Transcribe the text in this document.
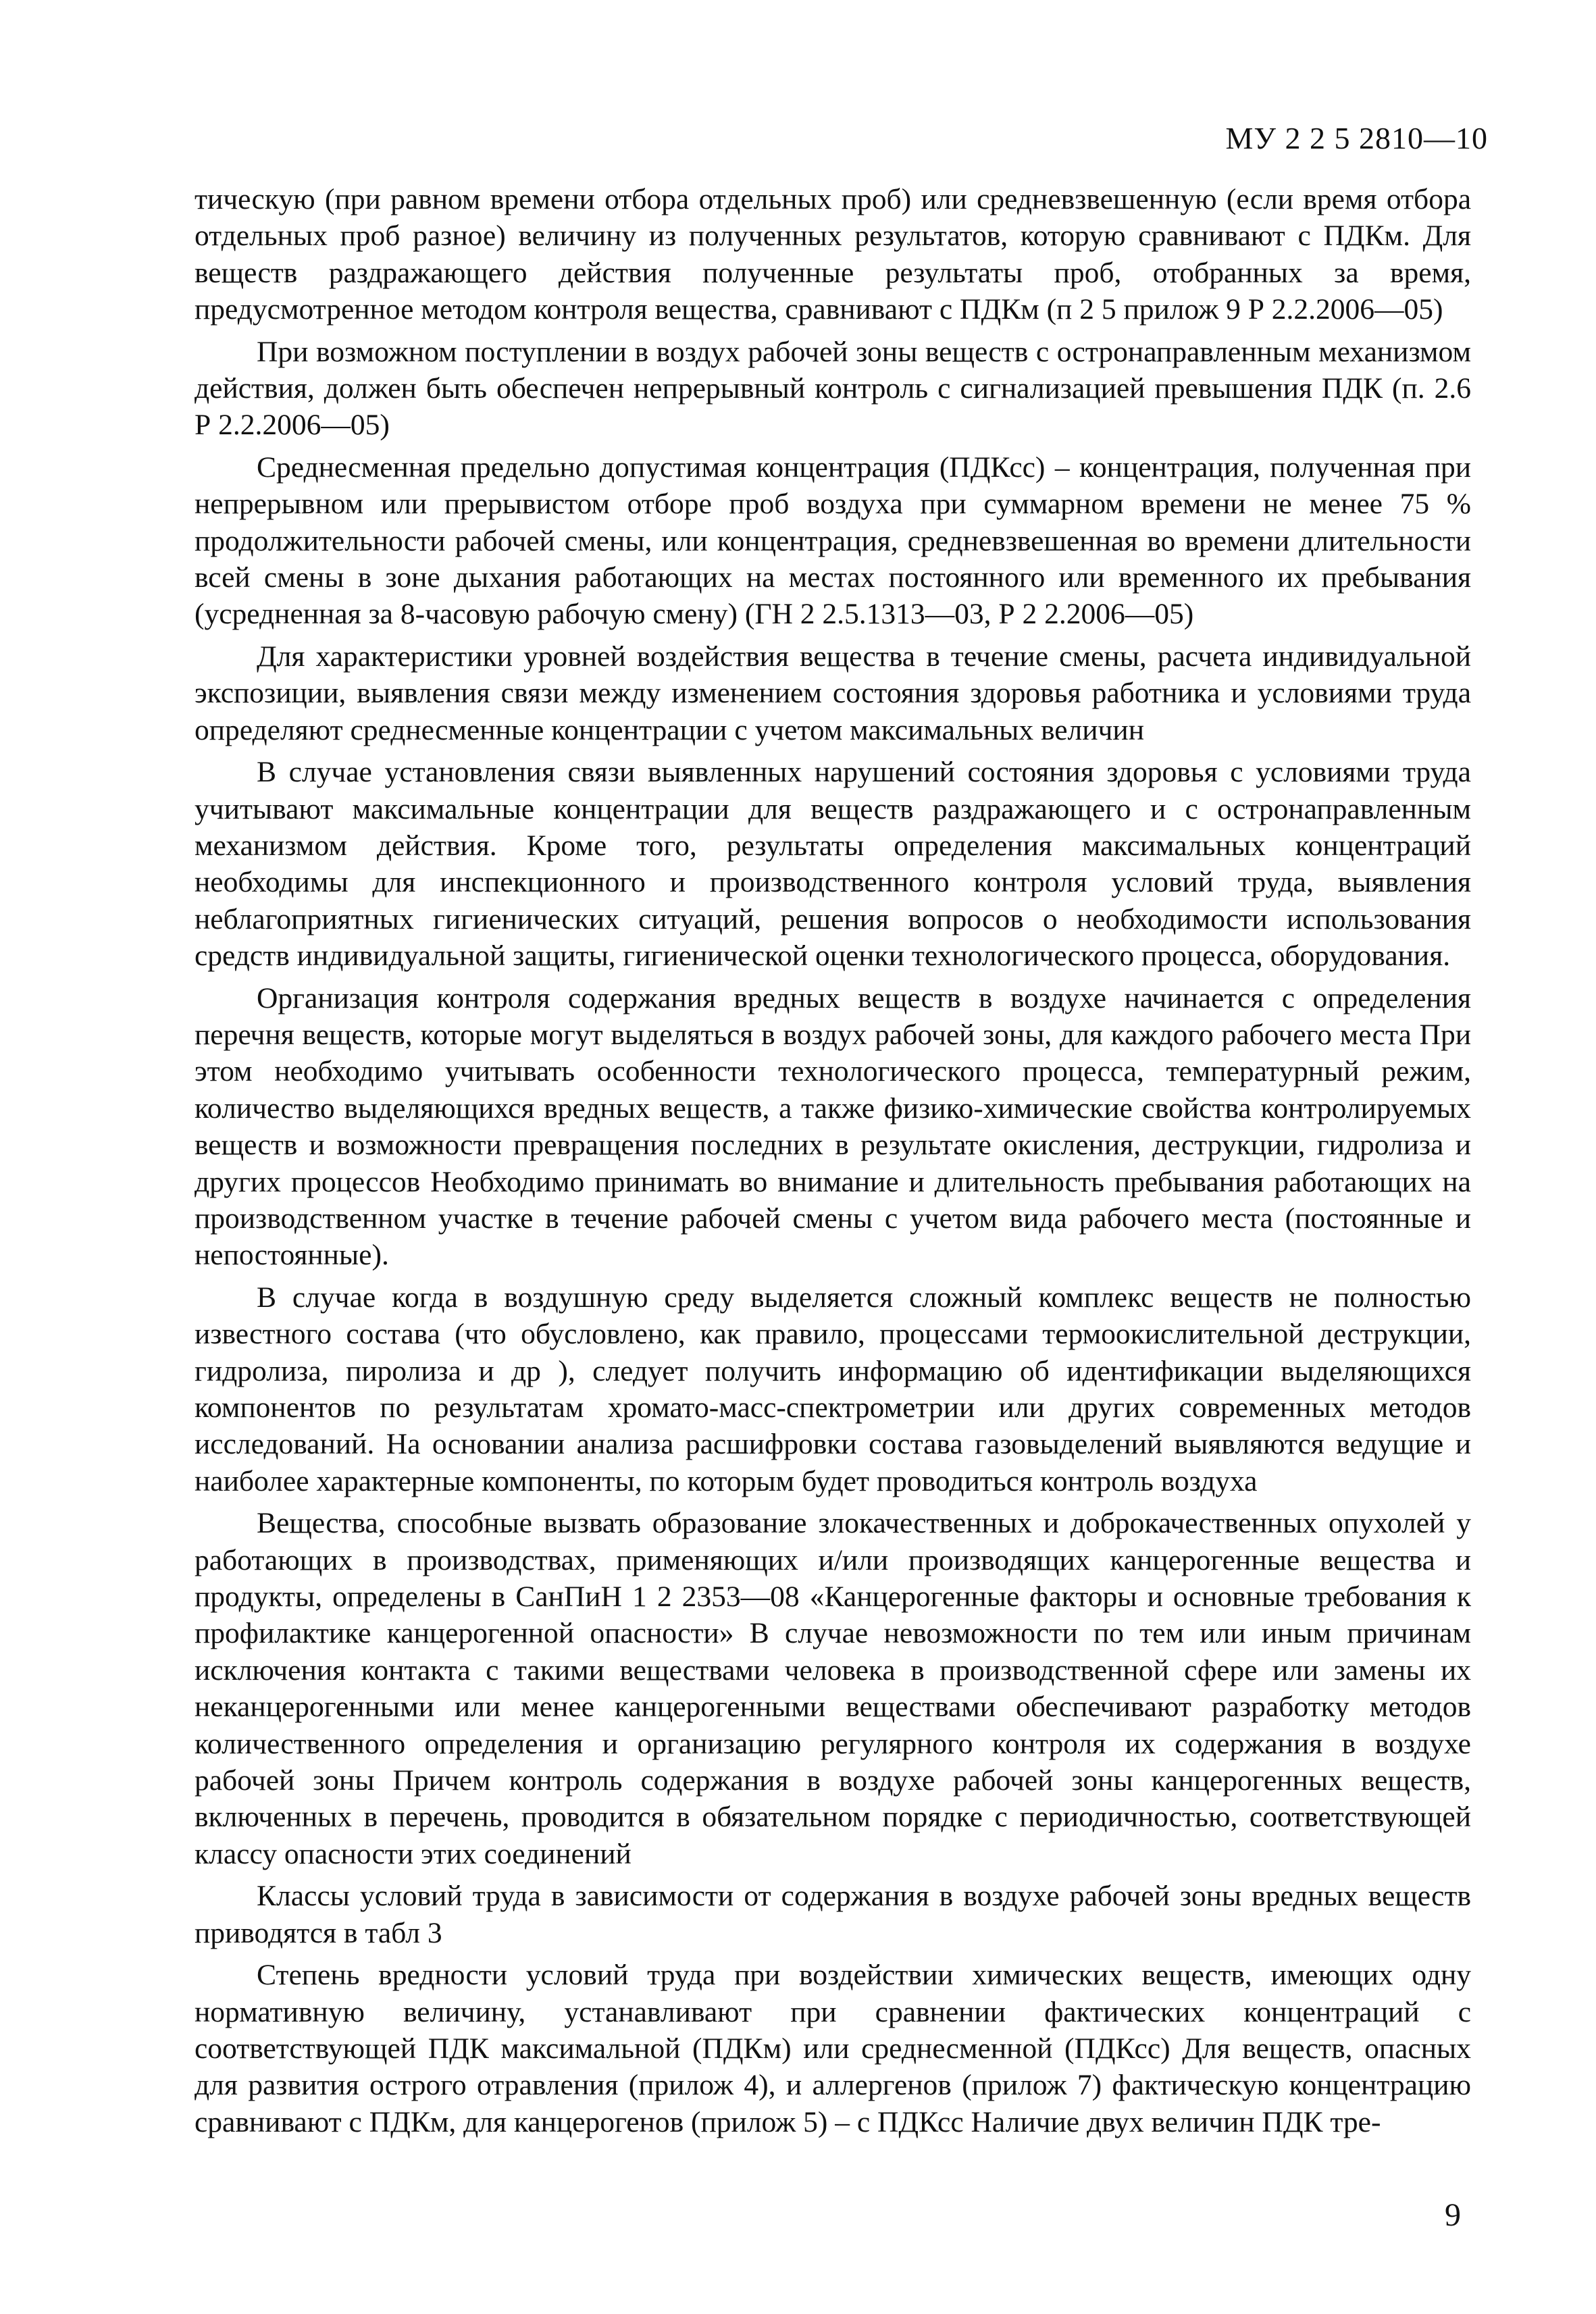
МУ 2 2 5 2810—10

тическую (при равном времени отбора отдельных проб) или средневзвешенную (если время отбора отдельных проб разное) величину из полученных результатов, которую сравнивают с ПДКм. Для веществ раздражающего действия полученные результаты проб, отобранных за время, предусмотренное методом контроля вещества, сравнивают с ПДКм (п 2 5 прилож 9 Р 2.2.2006—05)

При возможном поступлении в воздух рабочей зоны веществ с остронаправленным механизмом действия, должен быть обеспечен непрерывный контроль с сигнализацией превышения ПДК (п. 2.6 Р 2.2.2006—05)

Среднесменная предельно допустимая концентрация (ПДКсс) – концентрация, полученная при непрерывном или прерывистом отборе проб воздуха при суммарном времени не менее 75 % продолжительности рабочей смены, или концентрация, средневзвешенная во времени длительности всей смены в зоне дыхания работающих на местах постоянного или временного их пребывания (усредненная за 8-часовую рабочую смену) (ГН 2 2.5.1313—03, Р 2 2.2006—05)

Для характеристики уровней воздействия вещества в течение смены, расчета индивидуальной экспозиции, выявления связи между изменением состояния здоровья работника и условиями труда определяют среднесменные концентрации с учетом максимальных величин

В случае установления связи выявленных нарушений состояния здоровья с условиями труда учитывают максимальные концентрации для веществ раздражающего и с остронаправленным механизмом действия. Кроме того, результаты определения максимальных концентраций необходимы для инспекционного и производственного контроля условий труда, выявления неблагоприятных гигиенических ситуаций, решения вопросов о необходимости использования средств индивидуальной защиты, гигиенической оценки технологического процесса, оборудования.

Организация контроля содержания вредных веществ в воздухе начинается с определения перечня веществ, которые могут выделяться в воздух рабочей зоны, для каждого рабочего места При этом необходимо учитывать особенности технологического процесса, температурный режим, количество выделяющихся вредных веществ, а также физико-химические свойства контролируемых веществ и возможности превращения последних в результате окисления, деструкции, гидролиза и других процессов Необходимо принимать во внимание и длительность пребывания работающих на производственном участке в течение рабочей смены с учетом вида рабочего места (постоянные и непостоянные).

В случае когда в воздушную среду выделяется сложный комплекс веществ не полностью известного состава (что обусловлено, как правило, процессами термоокислительной деструкции, гидролиза, пиролиза и др ), следует получить информацию об идентификации выделяющихся компонентов по результатам хромато-масс-спектрометрии или других современных методов исследований. На основании анализа расшифровки состава газовыделений выявляются ведущие и наиболее характерные компоненты, по которым будет проводиться контроль воздуха

Вещества, способные вызвать образование злокачественных и доброкачественных опухолей у работающих в производствах, применяющих и/или производящих канцерогенные вещества и продукты, определены в СанПиН 1 2 2353—08 «Канцерогенные факторы и основные требования к профилактике канцерогенной опасности» В случае невозможности по тем или иным причинам исключения контакта с такими веществами человека в производственной сфере или замены их неканцерогенными или менее канцерогенными веществами обеспечивают разработку методов количественного определения и организацию регулярного контроля их содержания в воздухе рабочей зоны Причем контроль содержания в воздухе рабочей зоны канцерогенных веществ, включенных в перечень, проводится в обязательном порядке с периодичностью, соответствующей классу опасности этих соединений

Классы условий труда в зависимости от содержания в воздухе рабочей зоны вредных веществ приводятся в табл 3

Степень вредности условий труда при воздействии химических веществ, имеющих одну нормативную величину, устанавливают при сравнении фактических концентраций с соответствующей ПДК максимальной (ПДКм) или среднесменной (ПДКсс) Для веществ, опасных для развития острого отравления (прилож 4), и аллергенов (прилож 7) фактическую концентрацию сравнивают с ПДКм, для канцерогенов (прилож 5) – с ПДКсс Наличие двух величин ПДК тре-

9
